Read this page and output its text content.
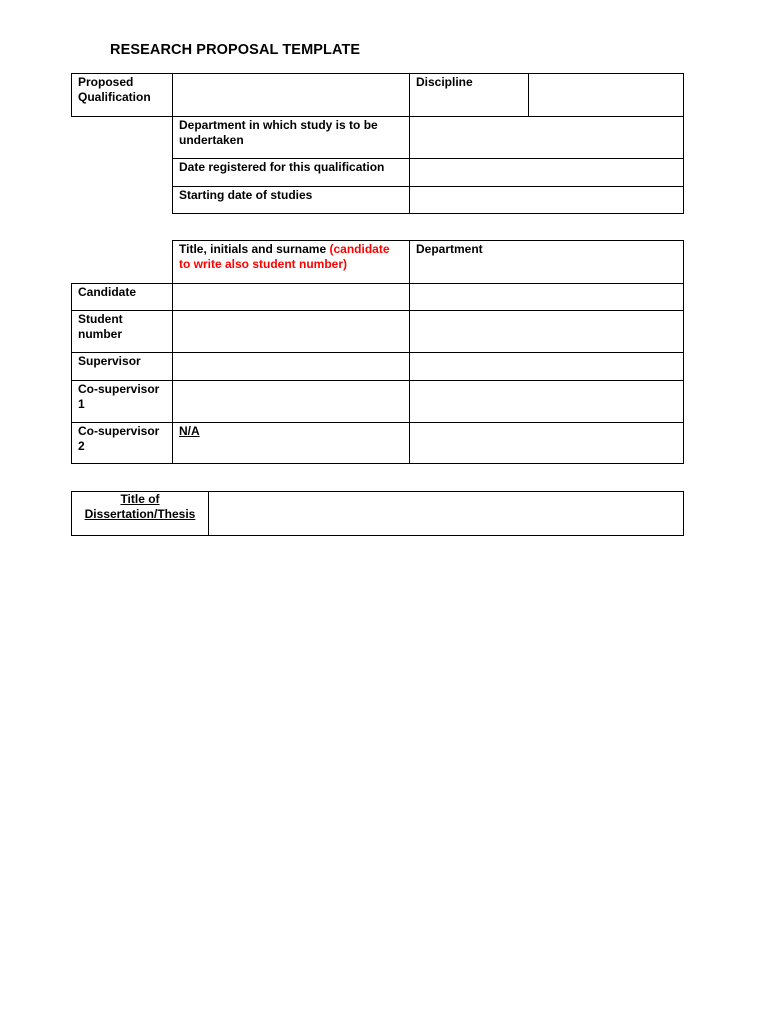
RESEARCH PROPOSAL TEMPLATE
Proposed Qualification
Discipline
Department in which study is to be undertaken
Date registered for this qualification
Starting date of studies
Title, initials and surname (candidate to write also student number)
Department
Candidate
Student number
Supervisor
Co-supervisor 1
Co-supervisor 2
N/A
Title of Dissertation/Thesis
